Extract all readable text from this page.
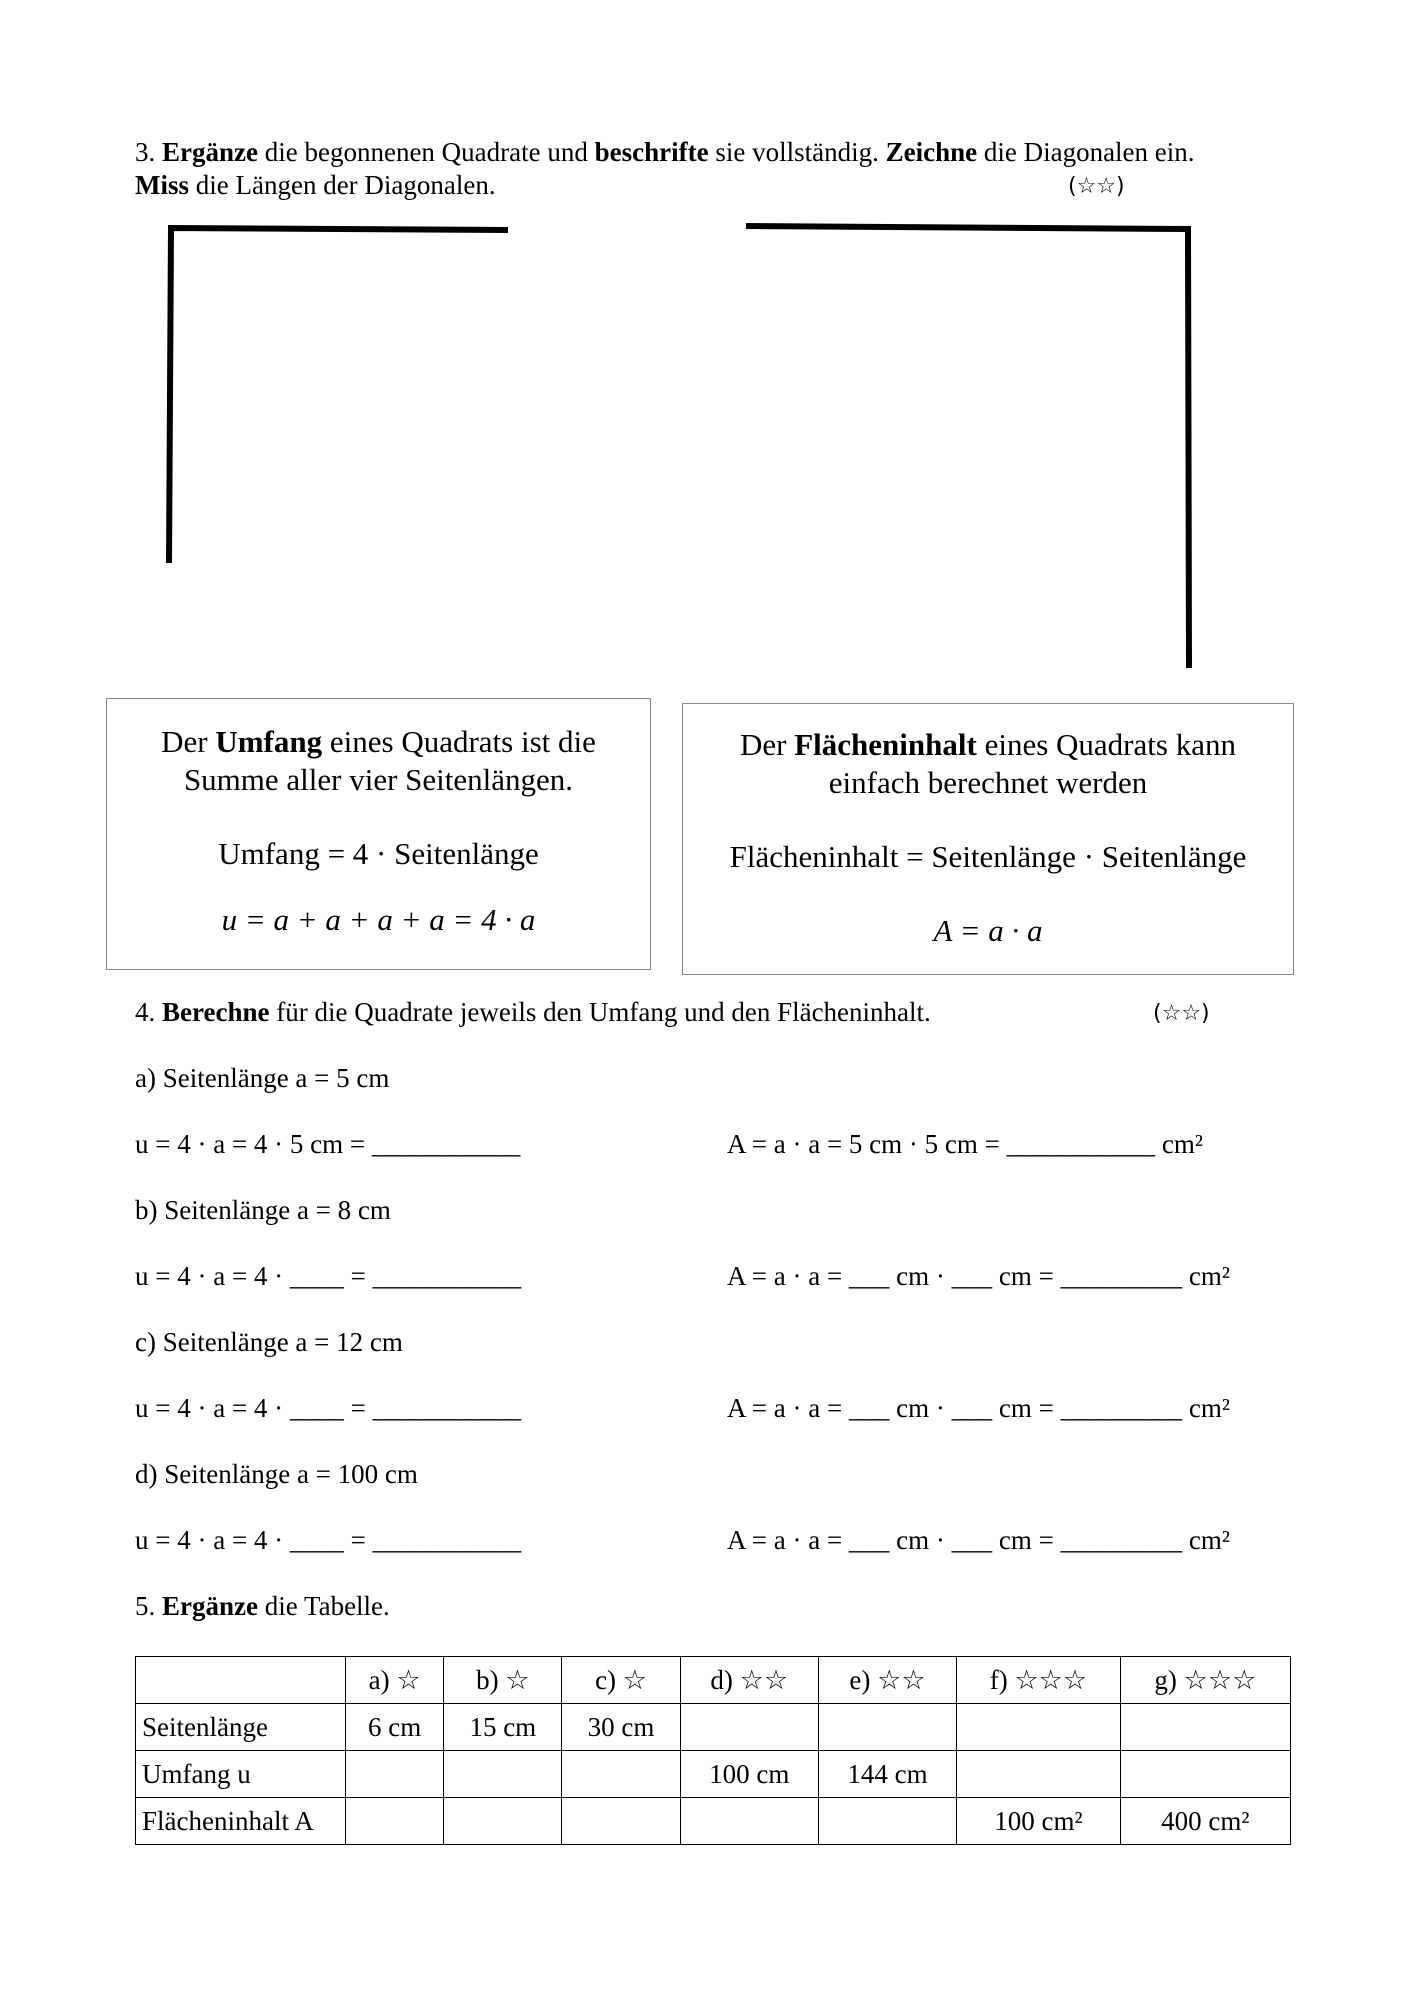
3. Ergänze die begonnenen Quadrate und beschrifte sie vollständig. Zeichne die Diagonalen ein.
Miss die Längen der Diagonalen.	(☆☆)

Der Umfang eines Quadrats ist die

Summe aller vier Seitenlängen.

Umfang = 4 · Seitenlänge

u = a + a + a + a = 4 · a

Der Flächeninhalt eines Quadrats kann

einfach berechnet werden

Flächeninhalt = Seitenlänge · Seitenlänge

A = a · a

4. Berechne für die Quadrate jeweils den Umfang und den Flächeninhalt.	(☆☆)
a) Seitenlänge a = 5 cm
u = 4 · a = 4 · 5 cm = ___________	A = a · a = 5 cm · 5 cm = ___________ cm²
b) Seitenlänge a = 8 cm
u = 4 · a = 4 · ____ = ___________	A = a · a = ___ cm · ___ cm = _________ cm²
c) Seitenlänge a = 12 cm
u = 4 · a = 4 · ____ = ___________	A = a · a = ___ cm · ___ cm = _________ cm²
d) Seitenlänge a = 100 cm
u = 4 · a = 4 · ____ = ___________	A = a · a = ___ cm · ___ cm = _________ cm²
5. Ergänze die Tabelle.
	a) ☆	b) ☆	c) ☆	d) ☆☆	e) ☆☆	f) ☆☆☆	g) ☆☆☆
Seitenlänge	6 cm	15 cm	30 cm				
Umfang u				100 cm	144 cm		
Flächeninhalt A						100 cm²	400 cm²
